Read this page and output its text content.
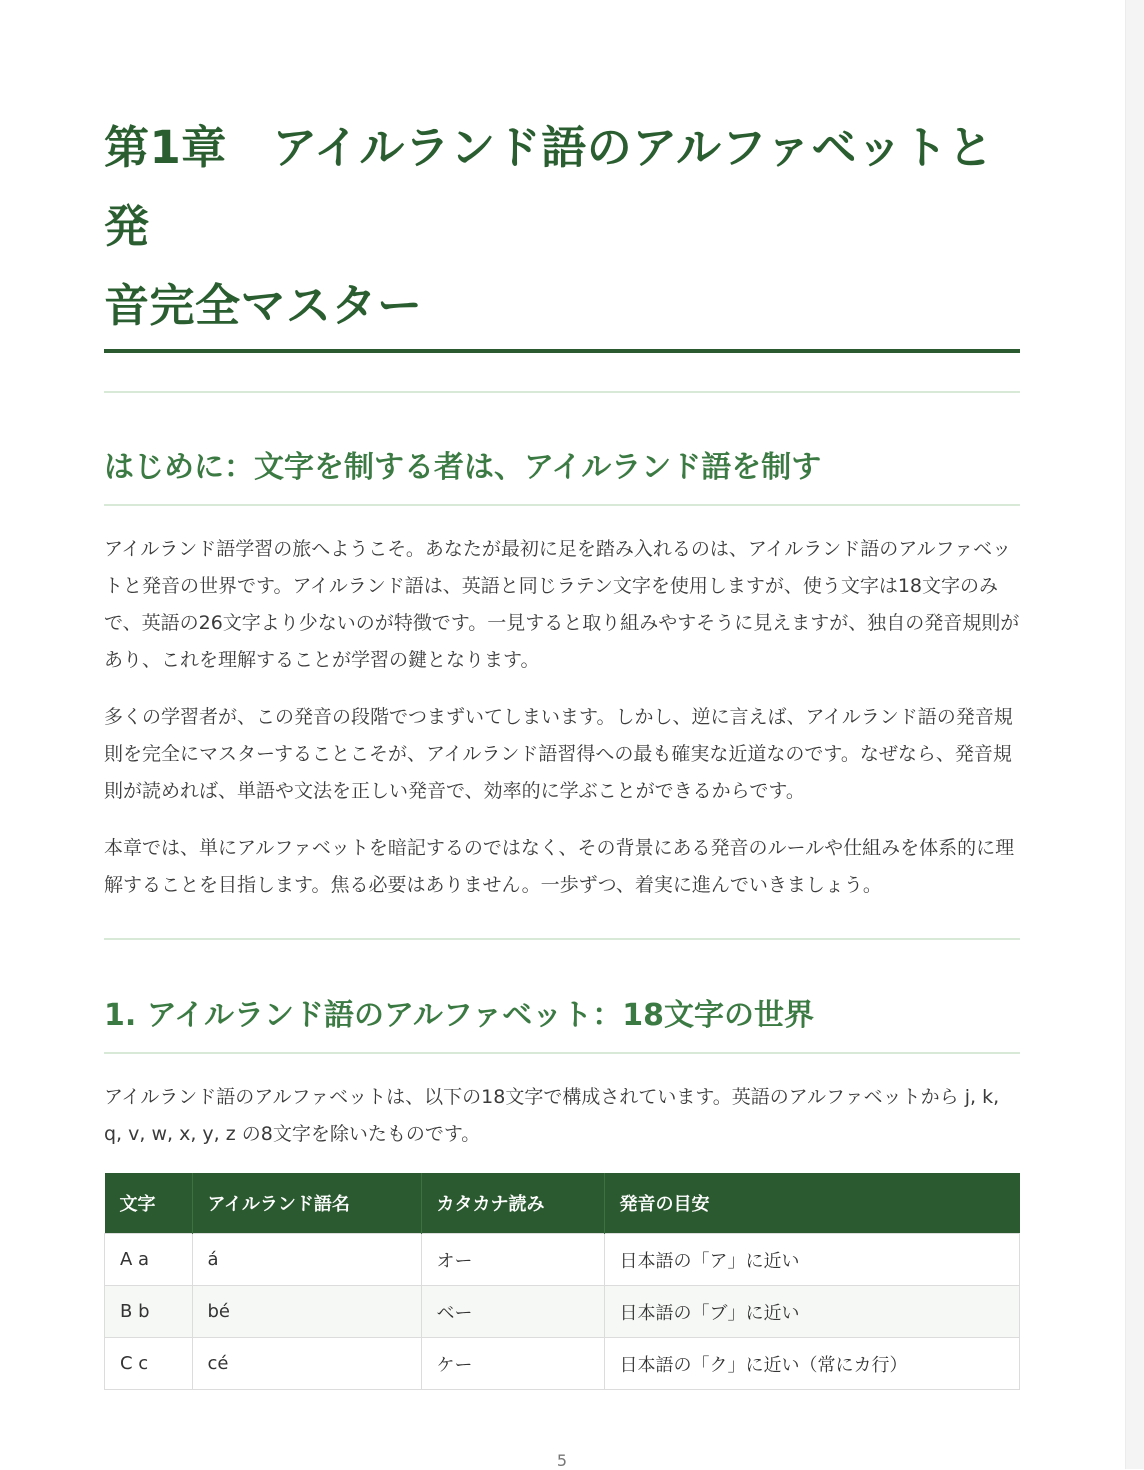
第1章　アイルランド語のアルファベットと発
音完全マスター
はじめに：文字を制する者は、アイルランド語を制す

アイルランド語学習の旅へようこそ。あなたが最初に足を踏み入れるのは、アイルランド語のアルファベットと発音の世界です。アイルランド語は、英語と同じラテン文字を使用しますが、使う文字は18文字のみで、英語の26文字より少ないのが特徴です。一見すると取り組みやすそうに見えますが、独自の発音規則があり、これを理解することが学習の鍵となります。

多くの学習者が、この発音の段階でつまずいてしまいます。しかし、逆に言えば、アイルランド語の発音規則を完全にマスターすることこそが、アイルランド語習得への最も確実な近道なのです。なぜなら、発音規則が読めれば、単語や文法を正しい発音で、効率的に学ぶことができるからです。

本章では、単にアルファベットを暗記するのではなく、その背景にある発音のルールや仕組みを体系的に理解することを目指します。焦る必要はありません。一歩ずつ、着実に進んでいきましょう。

1. アイルランド語のアルファベット：18文字の世界

アイルランド語のアルファベットは、以下の18文字で構成されています。英語のアルファベットから j, k, q, v, w, x, y, z の8文字を除いたものです。

文字	アイルランド語名	カタカナ読み	発音の目安
A a	á	オー	日本語の「ア」に近い
B b	bé	ベー	日本語の「ブ」に近い
C c	cé	ケー	日本語の「ク」に近い（常にカ行）
5
